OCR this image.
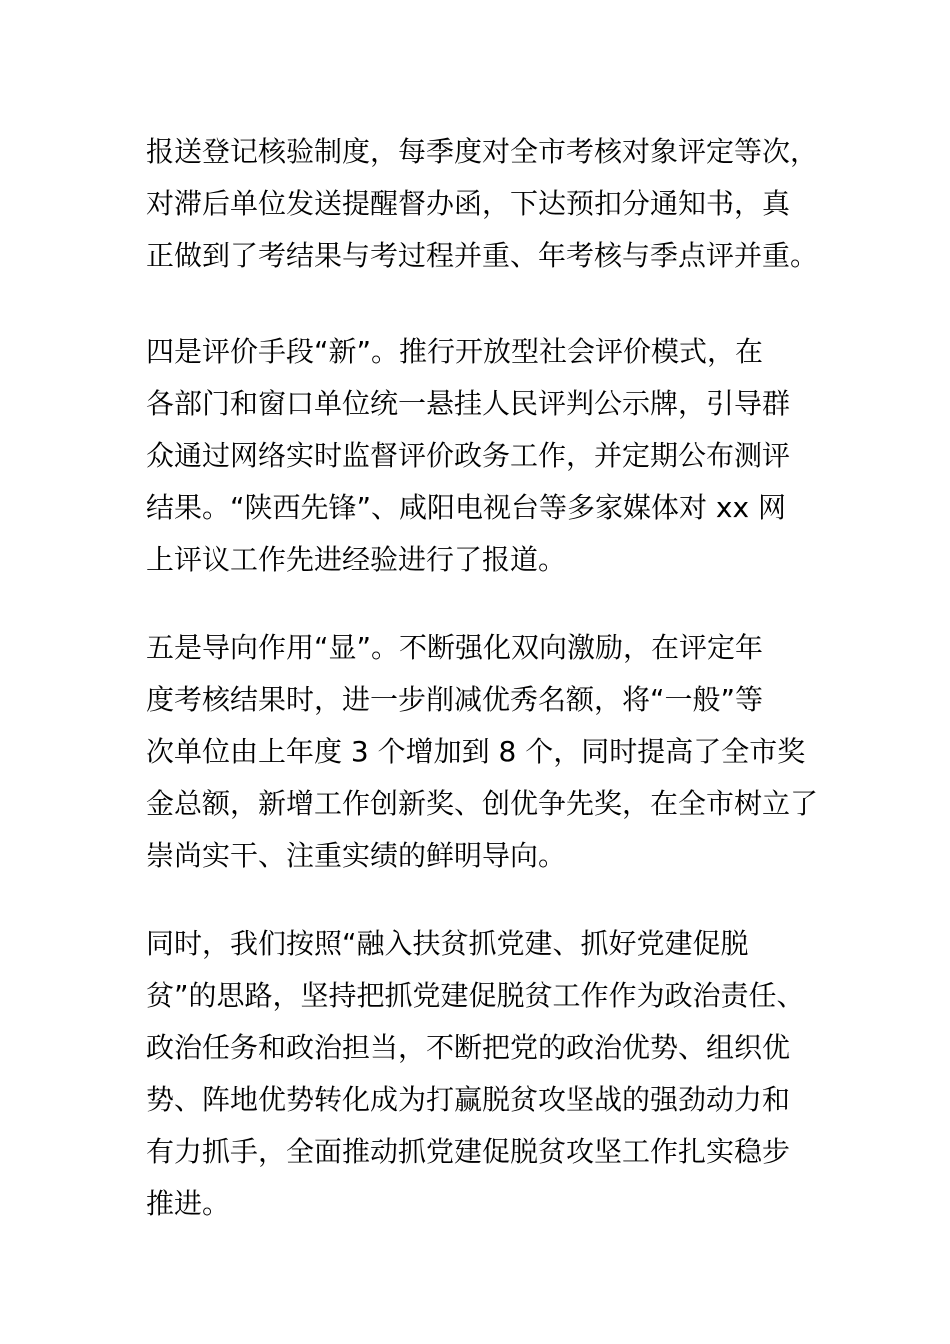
报送登记核验制度，每季度对全市考核对象评定等次，
对滞后单位发送提醒督办函，下达预扣分通知书，真
正做到了考结果与考过程并重、年考核与季点评并重。
四是评价手段“新”。推行开放型社会评价模式，在
各部门和窗口单位统一悬挂人民评判公示牌，引导群
众通过网络实时监督评价政务工作，并定期公布测评
结果。“陕西先锋”、咸阳电视台等多家媒体对 xx 网
上评议工作先进经验进行了报道。
五是导向作用“显”。不断强化双向激励，在评定年
度考核结果时，进一步削减优秀名额，将“一般”等
次单位由上年度 3 个增加到 8 个，同时提高了全市奖
金总额，新增工作创新奖、创优争先奖，在全市树立了
崇尚实干、注重实绩的鲜明导向。
同时，我们按照“融入扶贫抓党建、抓好党建促脱
贫”的思路，坚持把抓党建促脱贫工作作为政治责任、
政治任务和政治担当，不断把党的政治优势、组织优
势、阵地优势转化成为打赢脱贫攻坚战的强劲动力和
有力抓手，全面推动抓党建促脱贫攻坚工作扎实稳步
推进。
